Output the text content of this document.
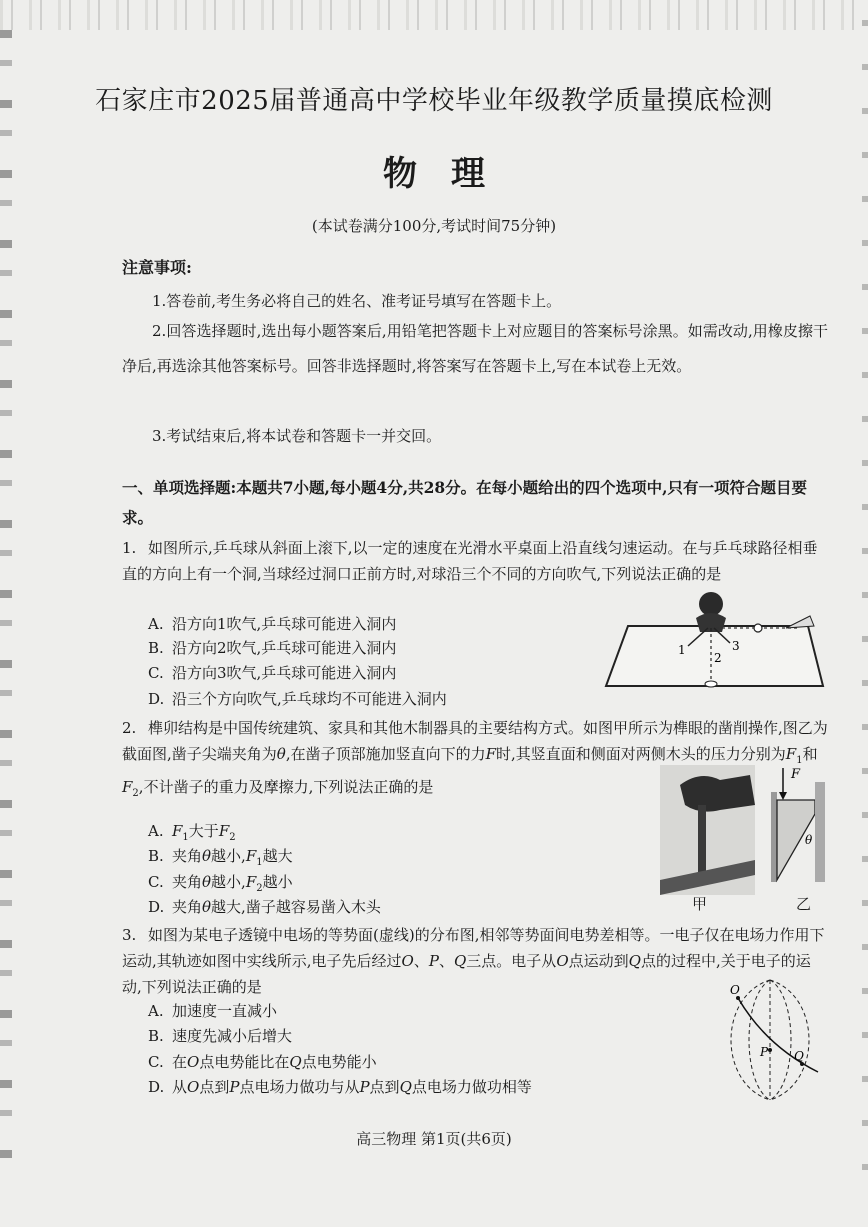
石家庄市2025届普通高中学校毕业年级教学质量摸底检测
物理
(本试卷满分100分,考试时间75分钟)
注意事项:
1.答卷前,考生务必将自己的姓名、准考证号填写在答题卡上。
2.回答选择题时,选出每小题答案后,用铅笔把答题卡上对应题目的答案标号涂黑。如需改动,用橡皮擦干净后,再选涂其他答案标号。回答非选择题时,将答案写在答题卡上,写在本试卷上无效。
3.考试结束后,将本试卷和答题卡一并交回。
一、单项选择题:本题共7小题,每小题4分,共28分。在每小题给出的四个选项中,只有一项符合题目要求。
1. 如图所示,乒乓球从斜面上滚下,以一定的速度在光滑水平桌面上沿直线匀速运动。在与乒乓球路径相垂直的方向上有一个洞,当球经过洞口正前方时,对球沿三个不同的方向吹气,下列说法正确的是
A. 沿方向1吹气,乒乓球可能进入洞内
B. 沿方向2吹气,乒乓球可能进入洞内
C. 沿方向3吹气,乒乓球可能进入洞内
D. 沿三个方向吹气,乒乓球均不可能进入洞内
1
2
3
2. 榫卯结构是中国传统建筑、家具和其他木制器具的主要结构方式。如图甲所示为榫眼的凿削操作,图乙为截面图,凿子尖端夹角为θ,在凿子顶部施加竖直向下的力F时,其竖直面和侧面对两侧木头的压力分别为$F_1$和$F_2$,不计凿子的重力及摩擦力,下列说法正确的是
A. $F_1$大于$F_2$
B. 夹角θ越小$,F_1$越大
C. 夹角θ越小$,F_2$越小
D. 夹角θ越大,凿子越容易凿入木头	甲
F
θ
乙
3. 如图为某电子透镜中电场的等势面(虚线)的分布图,相邻等势面间电势差相等。一电子仅在电场力作用下运动,其轨迹如图中实线所示,电子先后经过O、P、Q三点。电子从O点运动到Q点的过程中,关于电子的运动,下列说法正确的是
A. 加速度一直减小
B. 速度先减小后增大
C. 在O点电势能比在Q点电势能小
D. 从O点到P点电场力做功与从P点到Q点电场力做功相等
O
P Q
高三物理 第1页(共6页)
